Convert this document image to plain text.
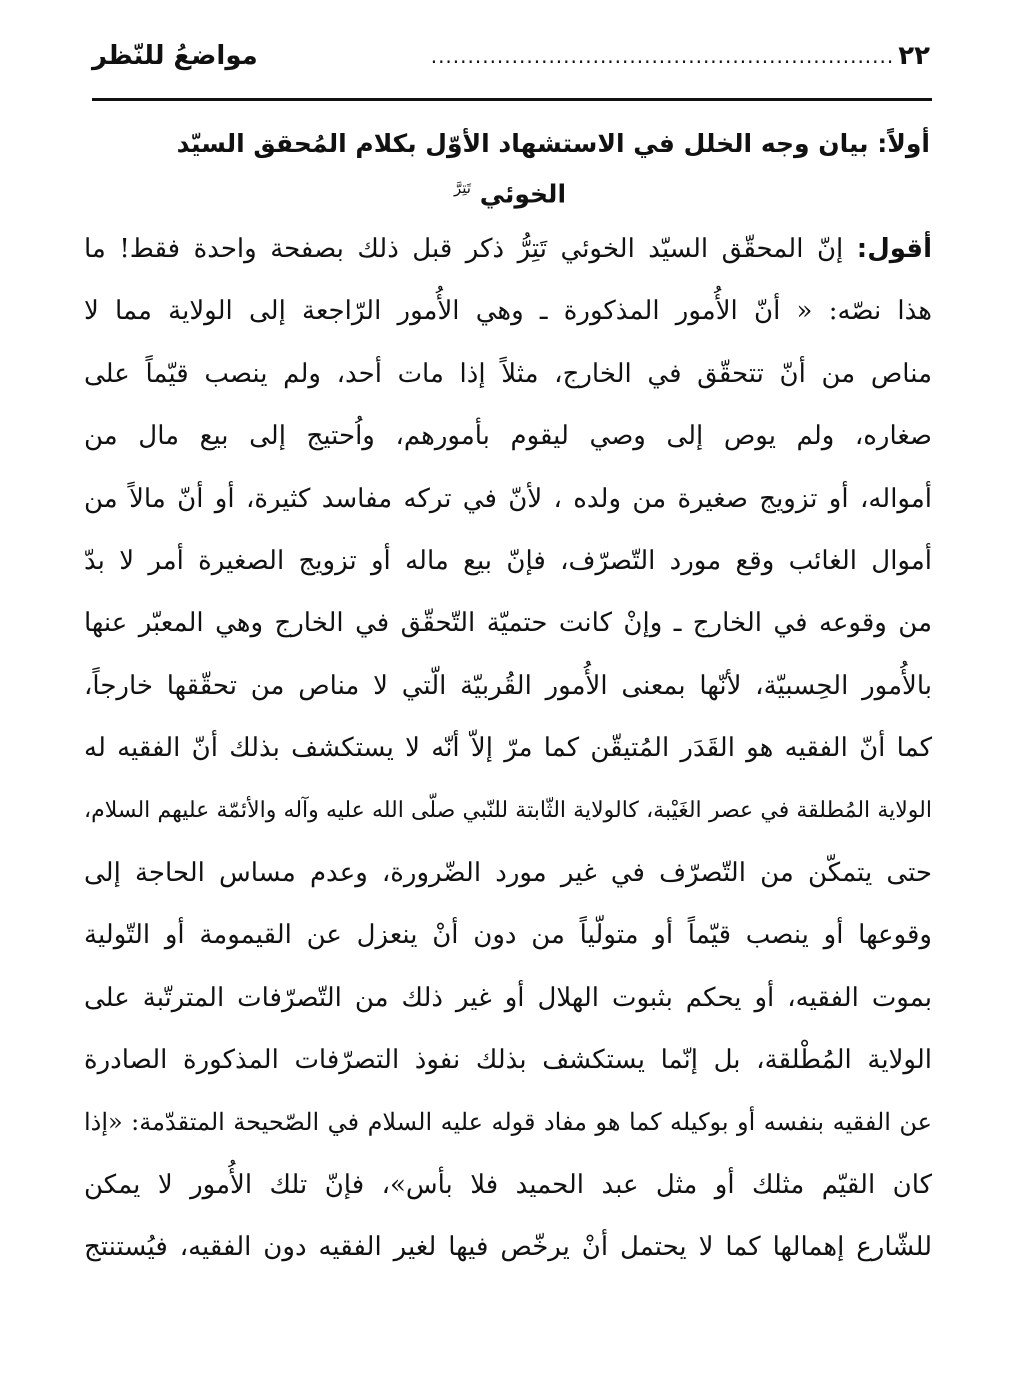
٢٢
...............................................................
مواضعُ للنّظر
أولاً: بيان وجه الخلل في الاستشهاد الأوّل بكلام المُحقق السيّد
الخوئي $^{تَتِرَّ}$
أقول: إنّ المحقّق السيّد الخوئي تَتِرُّ ذكر قبل ذلك بصفحة واحدة فقط! ما
هذا نصّه: « أنّ الأُمور المذكورة ـ وهي الأُمور الرّاجعة إلى الولاية مما لا
مناص من أنّ تتحقّق في الخارج، مثلاً إذا مات أحد، ولم ينصب قيّماً على
صغاره، ولم يوص إلى وصي ليقوم بأمورهم، واُحتيج إلى بيع مال من
أمواله، أو تزويج صغيرة من ولده ، لأنّ في تركه مفاسد كثيرة، أو أنّ مالاً من
أموال الغائب وقع مورد التّصرّف، فإنّ بيع ماله أو تزويج الصغيرة أمر لا بدّ
من وقوعه في الخارج ـ وإنْ كانت حتميّة التّحقّق في الخارج وهي المعبّر عنها
بالأُمور الحِسبيّة، لأنّها بمعنى الأُمور القُربيّة الّتي لا مناص من تحقّقها خارجاً،
كما أنّ الفقيه هو القَدَر المُتيقّن كما مرّ إلاّ أنّه لا يستكشف بذلك أنّ الفقيه له
الولاية المُطلقة في عصر الغَيْبة، كالولاية الثّابتة للنّبي صلّى الله عليه وآله والأئمّة عليهم السلام،
حتى يتمكّن من التّصرّف في غير مورد الضّرورة، وعدم مساس الحاجة إلى
وقوعها أو ينصب قيّماً أو متولّياً من دون أنْ ينعزل عن القيمومة أو التّولية
بموت الفقيه، أو يحكم بثبوت الهلال أو غير ذلك من التّصرّفات المترتّبة على
الولاية المُطْلقة، بل إنّما يستكشف بذلك نفوذ التصرّفات المذكورة الصادرة
عن الفقيه بنفسه أو بوكيله كما هو مفاد قوله عليه السلام في الصّحيحة المتقدّمة: «إذا
كان القيّم مثلك أو مثل عبد الحميد فلا بأس»، فإنّ تلك الأُمور لا يمكن
للشّارع إهمالها كما لا يحتمل أنْ يرخّص فيها لغير الفقيه دون الفقيه، فيُستنتج
